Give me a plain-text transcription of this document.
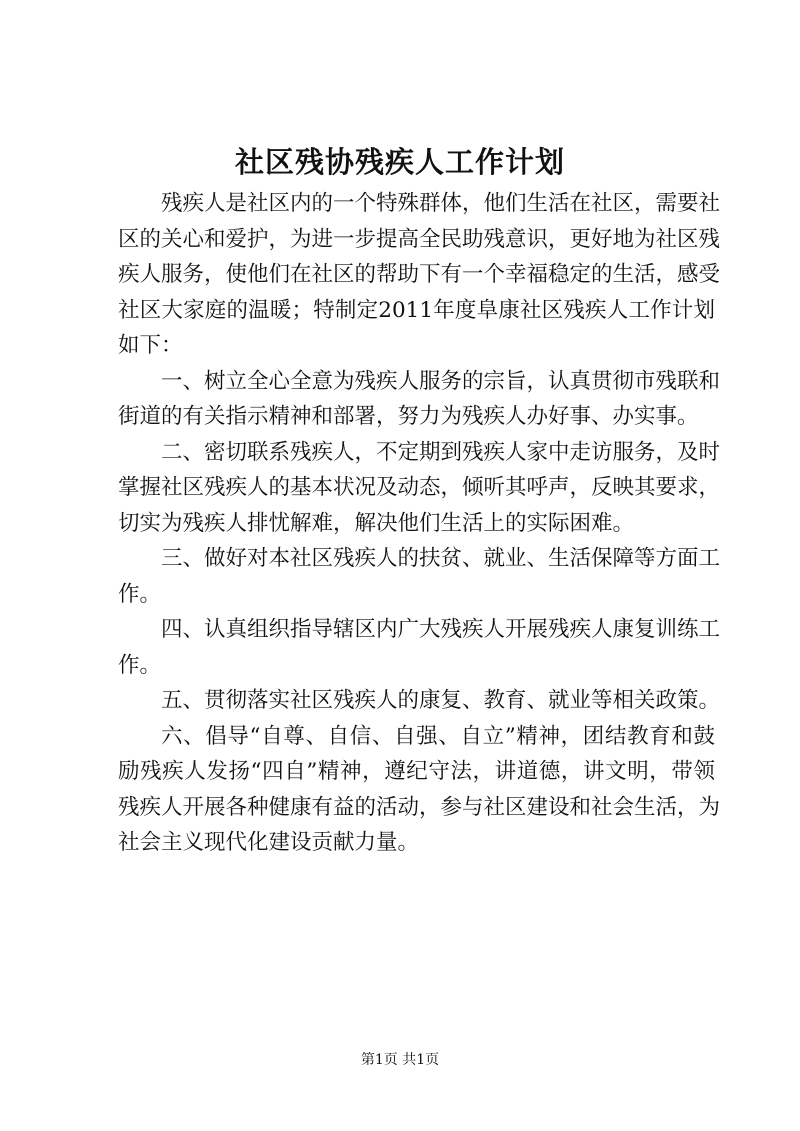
社区残协残疾人工作计划
残疾人是社区内的一个特殊群体，他们生活在社区，需要社
区的关心和爱护，为进一步提高全民助残意识，更好地为社区残
疾人服务，使他们在社区的帮助下有一个幸福稳定的生活，感受
社区大家庭的温暖；特制定2011年度阜康社区残疾人工作计划
如下：
一、树立全心全意为残疾人服务的宗旨，认真贯彻市残联和
街道的有关指示精神和部署，努力为残疾人办好事、办实事。
二、密切联系残疾人，不定期到残疾人家中走访服务，及时
掌握社区残疾人的基本状况及动态，倾听其呼声，反映其要求，
切实为残疾人排忧解难，解决他们生活上的实际困难。
三、做好对本社区残疾人的扶贫、就业、生活保障等方面工
作。
四、认真组织指导辖区内广大残疾人开展残疾人康复训练工
作。
五、贯彻落实社区残疾人的康复、教育、就业等相关政策。
六、倡导“自尊、自信、自强、自立”精神，团结教育和鼓
励残疾人发扬“四自”精神，遵纪守法，讲道德，讲文明，带领
残疾人开展各种健康有益的活动，参与社区建设和社会生活，为
社会主义现代化建设贡献力量。
第1页 共1页
